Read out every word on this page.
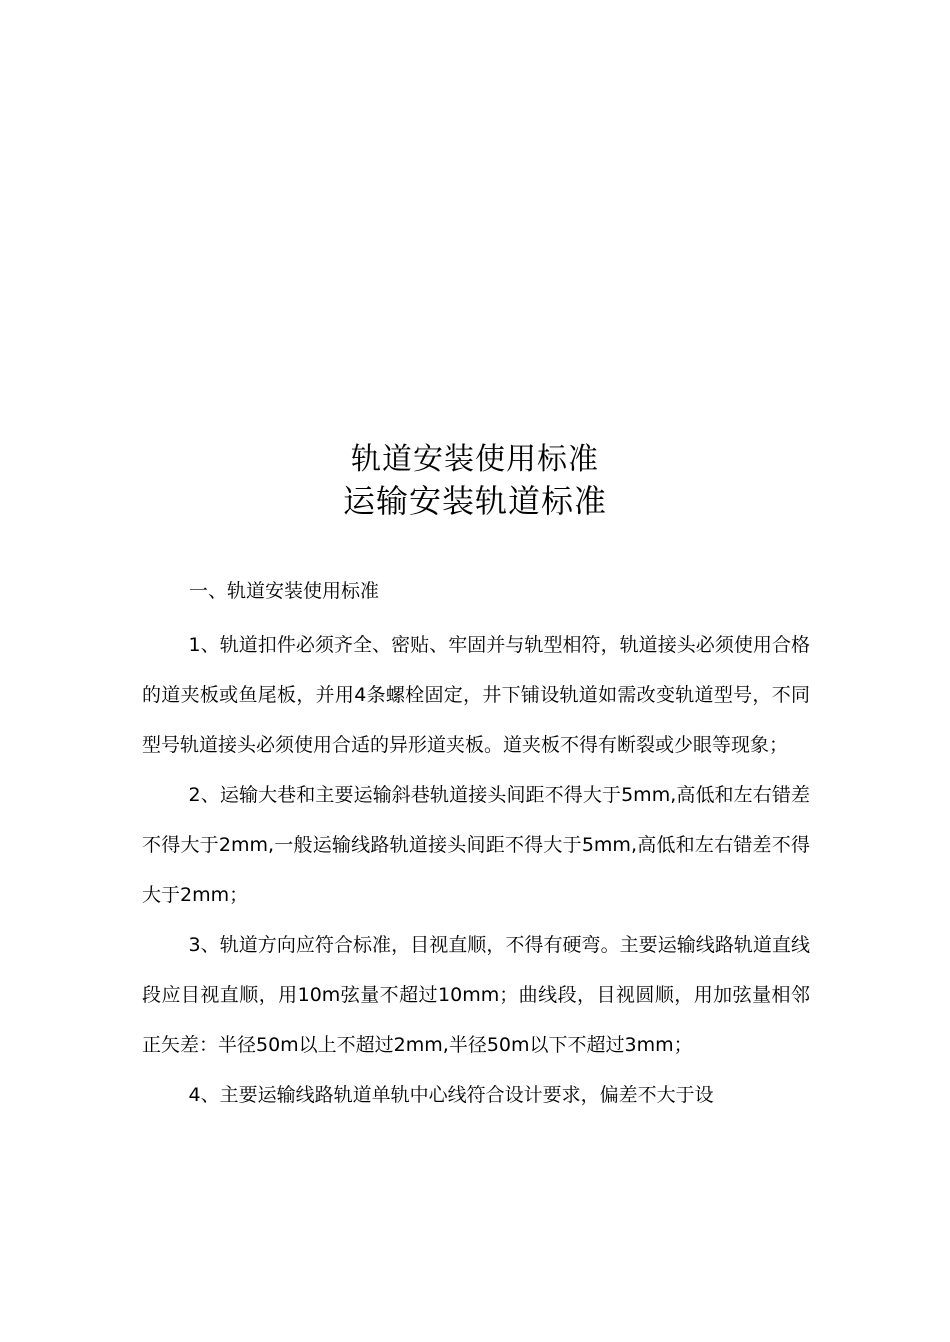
轨道安装使用标准
运输安装轨道标准
一、轨道安装使用标准

1、轨道扣件必须齐全、密贴、牢固并与轨型相符，轨道接头必须使用合格的道夹板或鱼尾板，并用4条螺栓固定，井下铺设轨道如需改变轨道型号，不同型号轨道接头必须使用合适的异形道夹板。道夹板不得有断裂或少眼等现象；

2、运输大巷和主要运输斜巷轨道接头间距不得大于5mm,高低和左右错差不得大于2mm,一般运输线路轨道接头间距不得大于5mm,高低和左右错差不得大于2mm；

3、轨道方向应符合标准，目视直顺，不得有硬弯。主要运输线路轨道直线段应目视直顺，用10m弦量不超过10mm；曲线段，目视圆顺，用加弦量相邻正矢差：半径50m以上不超过2mm,半径50m以下不超过3mm；

4、主要运输线路轨道单轨中心线符合设计要求，偏差不大于设
